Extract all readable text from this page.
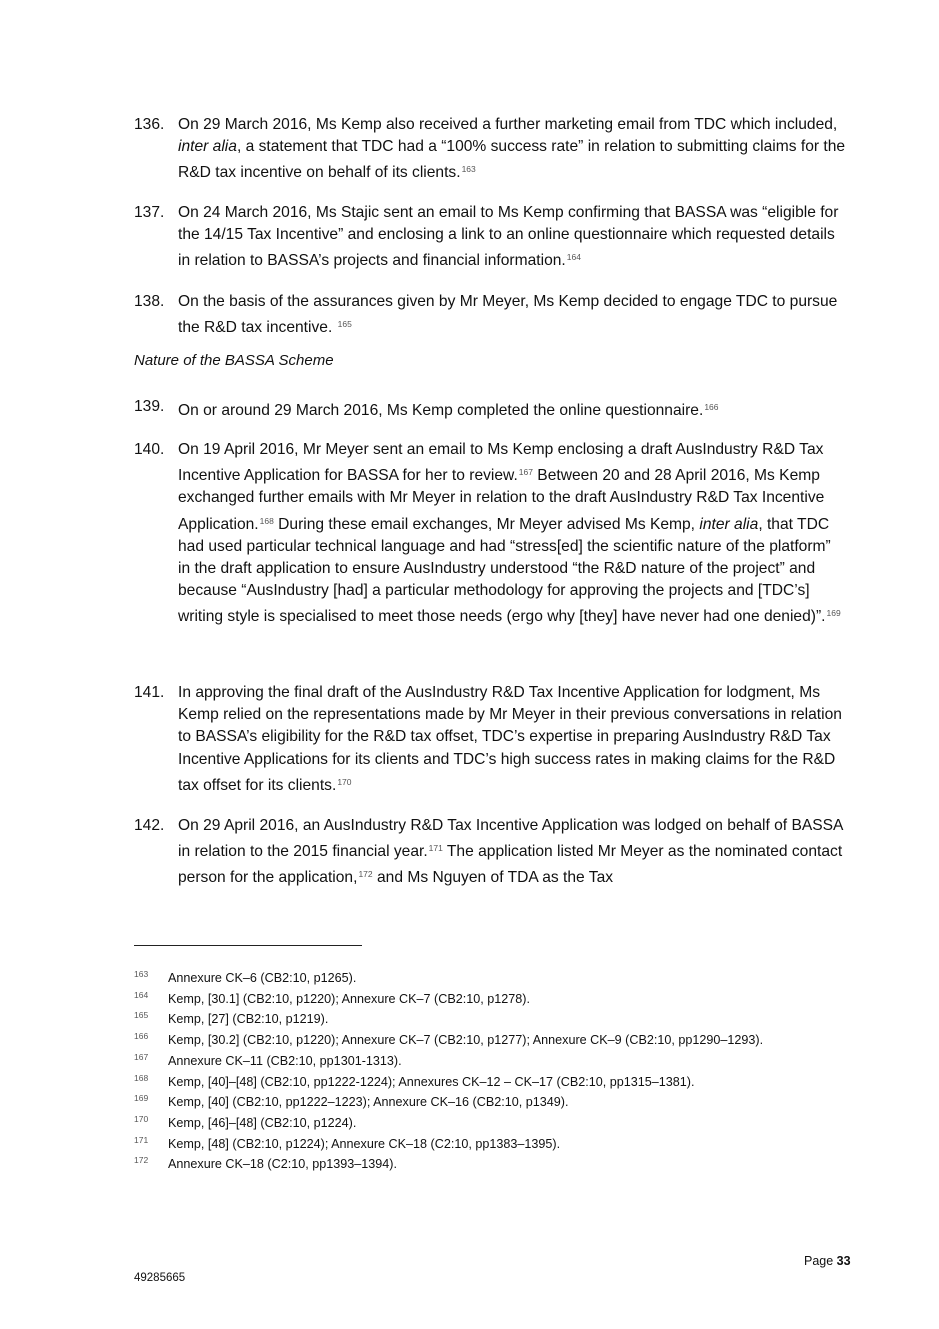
136. On 29 March 2016, Ms Kemp also received a further marketing email from TDC which included, inter alia, a statement that TDC had a “100% success rate” in relation to submitting claims for the R&D tax incentive on behalf of its clients.$^{163}$
137. On 24 March 2016, Ms Stajic sent an email to Ms Kemp confirming that BASSA was “eligible for the 14/15 Tax Incentive” and enclosing a link to an online questionnaire which requested details in relation to BASSA’s projects and financial information.$^{164}$
138. On the basis of the assurances given by Mr Meyer, Ms Kemp decided to engage TDC to pursue the R&D tax incentive. $^{165}$
Nature of the BASSA Scheme
139. On or around 29 March 2016, Ms Kemp completed the online questionnaire.$^{166}$
140. On 19 April 2016, Mr Meyer sent an email to Ms Kemp enclosing a draft AusIndustry R&D Tax Incentive Application for BASSA for her to review.$^{167}$ Between 20 and 28 April 2016, Ms Kemp exchanged further emails with Mr Meyer in relation to the draft AusIndustry R&D Tax Incentive Application.$^{168}$ During these email exchanges, Mr Meyer advised Ms Kemp, inter alia, that TDC had used particular technical language and had “stress[ed] the scientific nature of the platform” in the draft application to ensure AusIndustry understood “the R&D nature of the project” and because “AusIndustry [had] a particular methodology for approving the projects and [TDC’s] writing style is specialised to meet those needs (ergo why [they] have never had one denied)”.$^{169}$
141. In approving the final draft of the AusIndustry R&D Tax Incentive Application for lodgment, Ms Kemp relied on the representations made by Mr Meyer in their previous conversations in relation to BASSA’s eligibility for the R&D tax offset, TDC’s expertise in preparing AusIndustry R&D Tax Incentive Applications for its clients and TDC’s high success rates in making claims for the R&D tax offset for its clients.$^{170}$
142. On 29 April 2016, an AusIndustry R&D Tax Incentive Application was lodged on behalf of BASSA in relation to the 2015 financial year.$^{171}$ The application listed Mr Meyer as the nominated contact person for the application,$^{172}$ and Ms Nguyen of TDA as the Tax
163 Annexure CK–6 (CB2:10, p1265).
164 Kemp, [30.1] (CB2:10, p1220); Annexure CK–7 (CB2:10, p1278).
165 Kemp, [27] (CB2:10, p1219).
166 Kemp, [30.2] (CB2:10, p1220); Annexure CK–7 (CB2:10, p1277); Annexure CK–9 (CB2:10, pp1290–1293).
167 Annexure CK–11 (CB2:10, pp1301-1313).
168 Kemp, [40]–[48] (CB2:10, pp1222-1224); Annexures CK–12 – CK–17 (CB2:10, pp1315–1381).
169 Kemp, [40] (CB2:10, pp1222–1223); Annexure CK–16 (CB2:10, p1349).
170 Kemp, [46]–[48] (CB2:10, p1224).
171 Kemp, [48] (CB2:10, p1224); Annexure CK–18 (C2:10, pp1383–1395).
172 Annexure CK–18 (C2:10, pp1393–1394).
Page 33
49285665
